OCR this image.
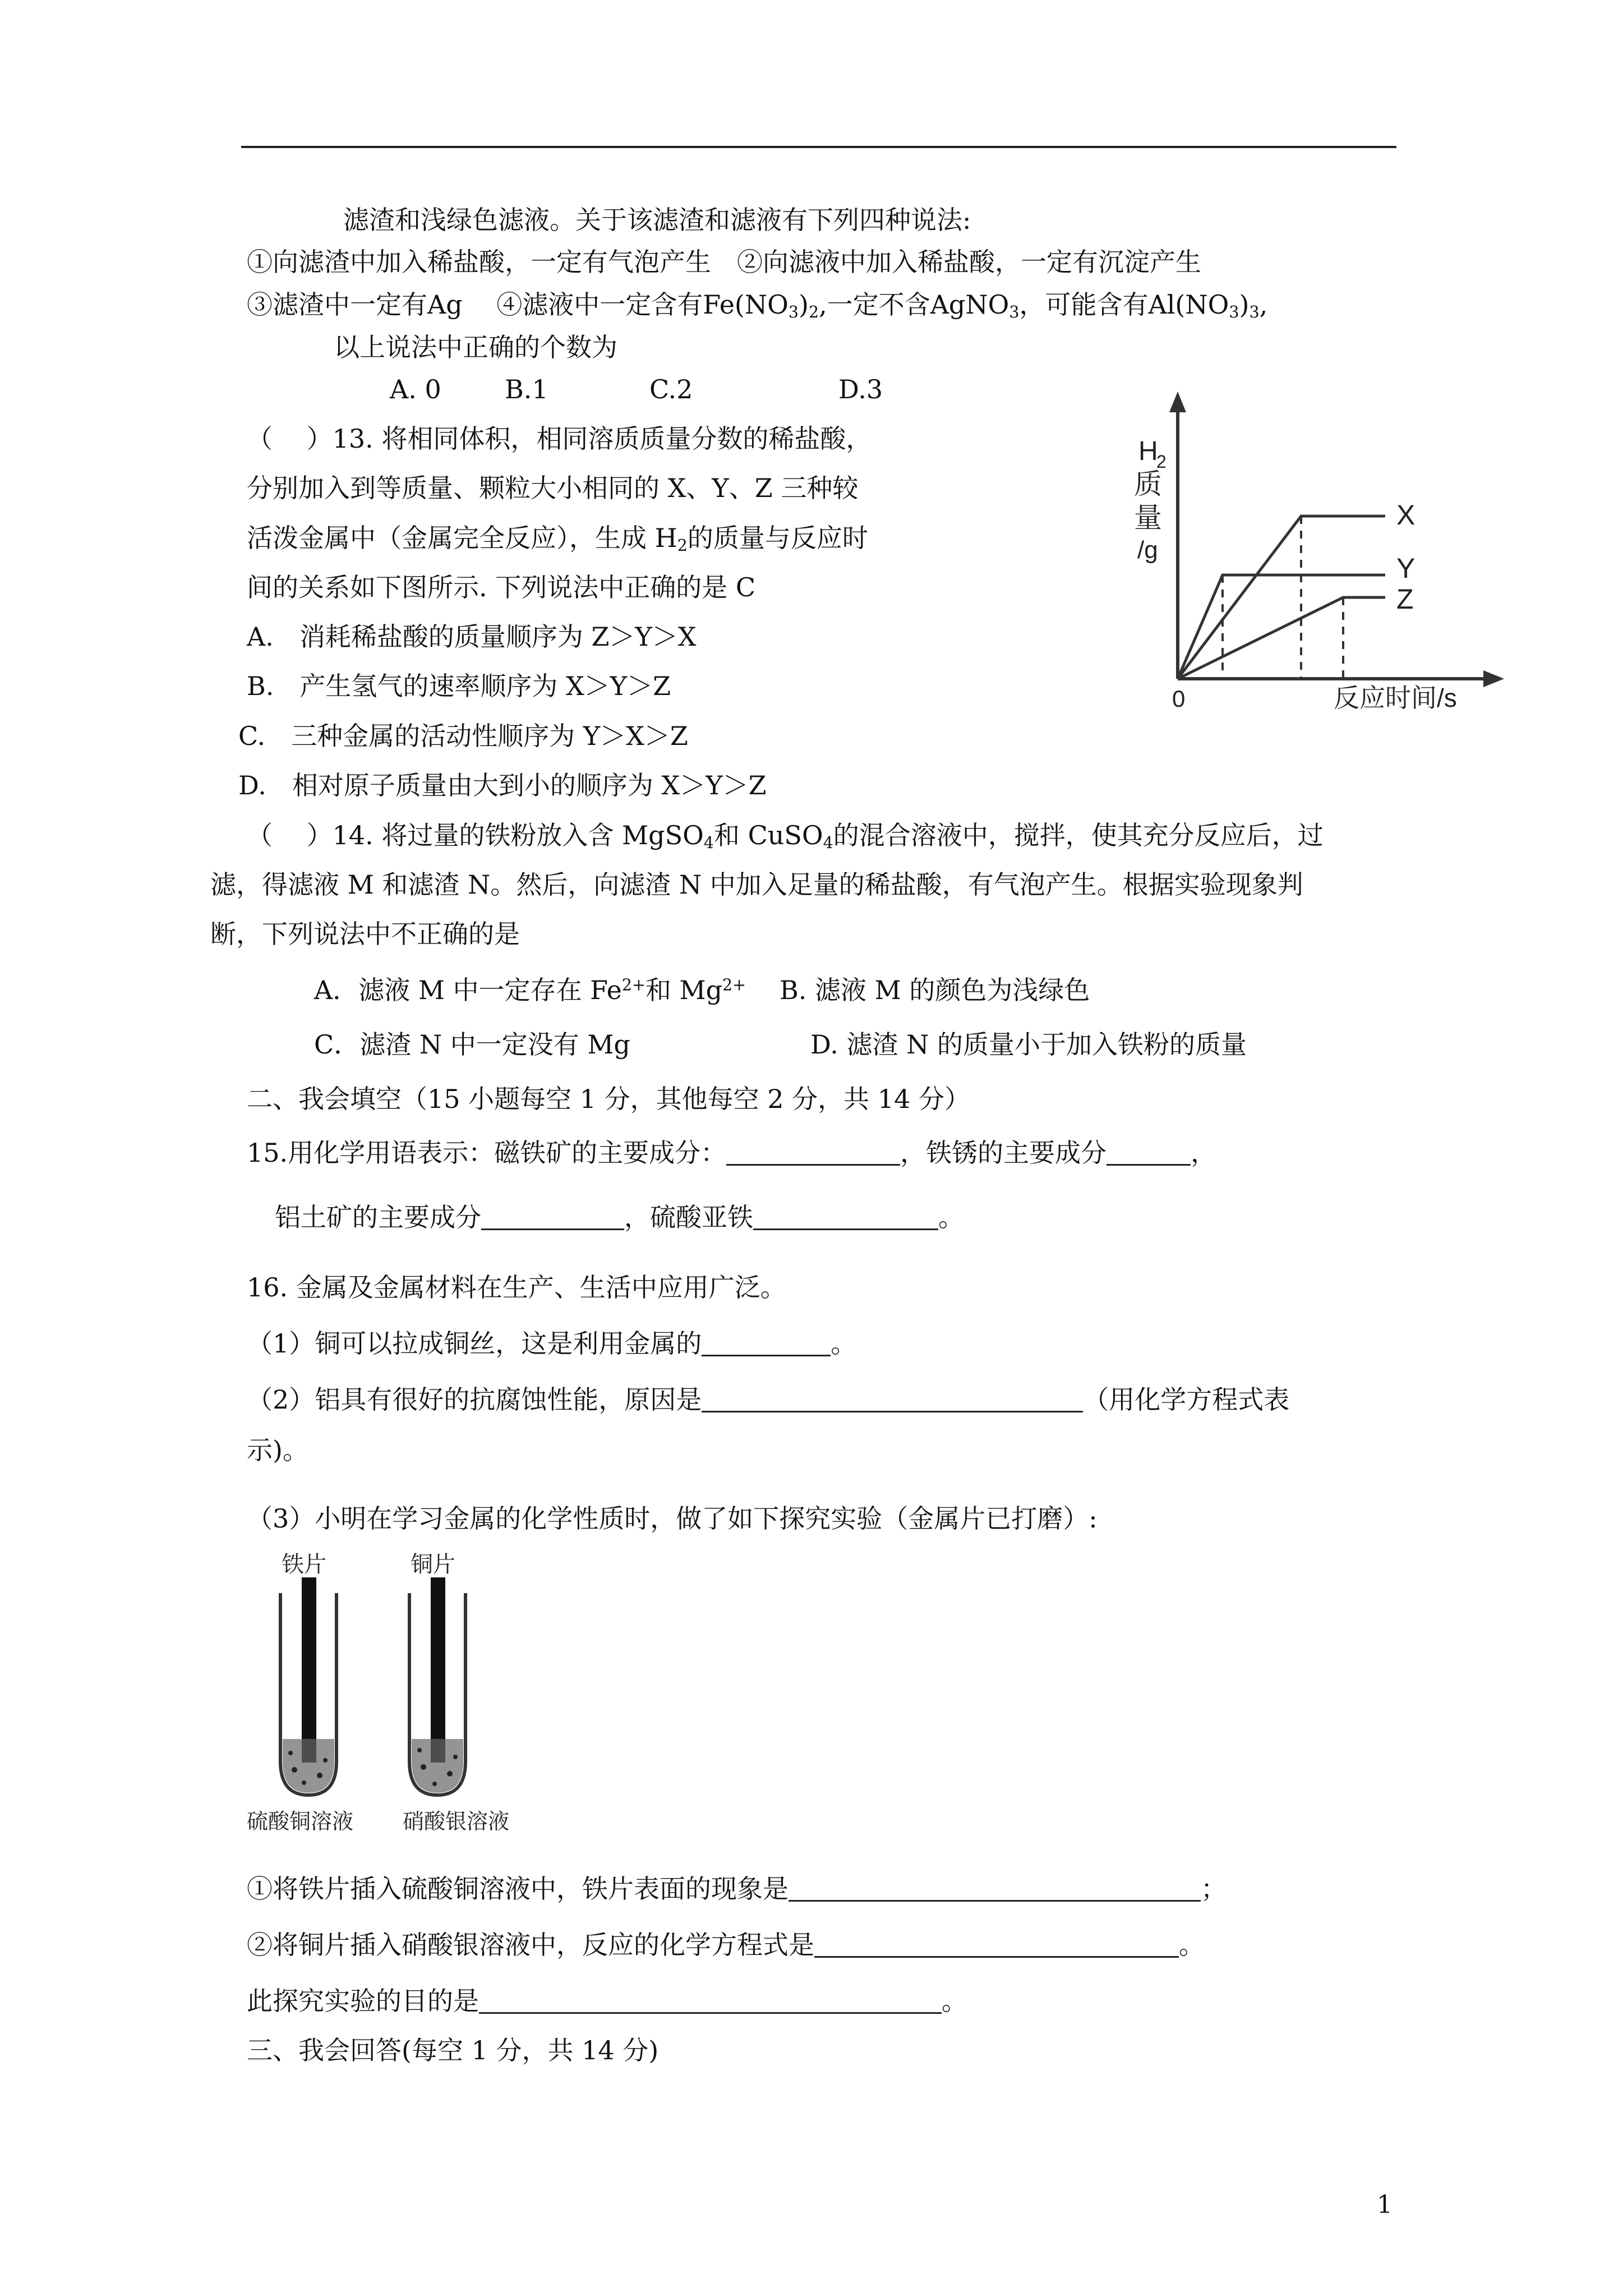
滤渣和浅绿色滤液。关于该滤渣和滤液有下列四种说法:
①向滤渣中加入稀盐酸，一定有气泡产生　②向滤液中加入稀盐酸，一定有沉淀产生
③滤渣中一定有Ag　 ④滤液中一定含有$Fe(NO_3)_2$,一定不含AgNO$_3$，可能含有$Al(NO_3)_3$,
以上说法中正确的个数为
A. 0 B.1	C.2	D.3
（　 ）13. 将相同体积，相同溶质质量分数的稀盐酸，
分别加入到等质量、颗粒大小相同的 X、Y、Z 三种较
活泼金属中（金属完全反应），生成 $H_2$的质量与反应时
间的关系如下图所示. 下列说法中正确的是 C
A.　消耗稀盐酸的质量顺序为 Z＞Y＞X
B.　产生氢气的速率顺序为 X＞Y＞Z
C.　三种金属的活动性顺序为 Y＞X＞Z
D.　相对原子质量由大到小的顺序为 X＞Y＞Z
H
2
质
量
/g
0	反应时间/s
X
Y
Z
（　 ）14. 将过量的铁粉放入含 MgSO$_4$和 CuSO$_4$的混合溶液中，搅拌，使其充分反应后，过
滤，得滤液 M 和滤渣 N。然后，向滤渣 N 中加入足量的稀盐酸，有气泡产生。根据实验现象判
断，下列说法中不正确的是
A．滤液 M 中一定存在 $Fe^{2+}$和 $Mg^{2+}$ B. 滤液 M 的颜色为浅绿色
C．滤渣 N 中一定没有 Mg	D. 滤渣 N 的质量小于加入铁粉的质量
二、我会填空（15 小题每空 1 分，其他每空 2 分，共 14 分）
15.用化学用语表示：磁铁矿的主要成分：	，铁锈的主要成分	，
铝土矿的主要成分	，硫酸亚铁	。
16. 金属及金属材料在生产、生活中应用广泛。
（1）铜可以拉成铜丝，这是利用金属的	。
（2）铝具有很好的抗腐蚀性能，原因是	（用化学方程式表
示)。
（3）小明在学习金属的化学性质时，做了如下探究实验（金属片已打磨）:
铁片	铜片
硫酸铜溶液 硝酸银溶液
①将铁片插入硫酸铜溶液中，铁片表面的现象是	；
②将铜片插入硝酸银溶液中，反应的化学方程式是	。
此探究实验的目的是	。
三、我会回答(每空 1 分，共 14 分)
1
